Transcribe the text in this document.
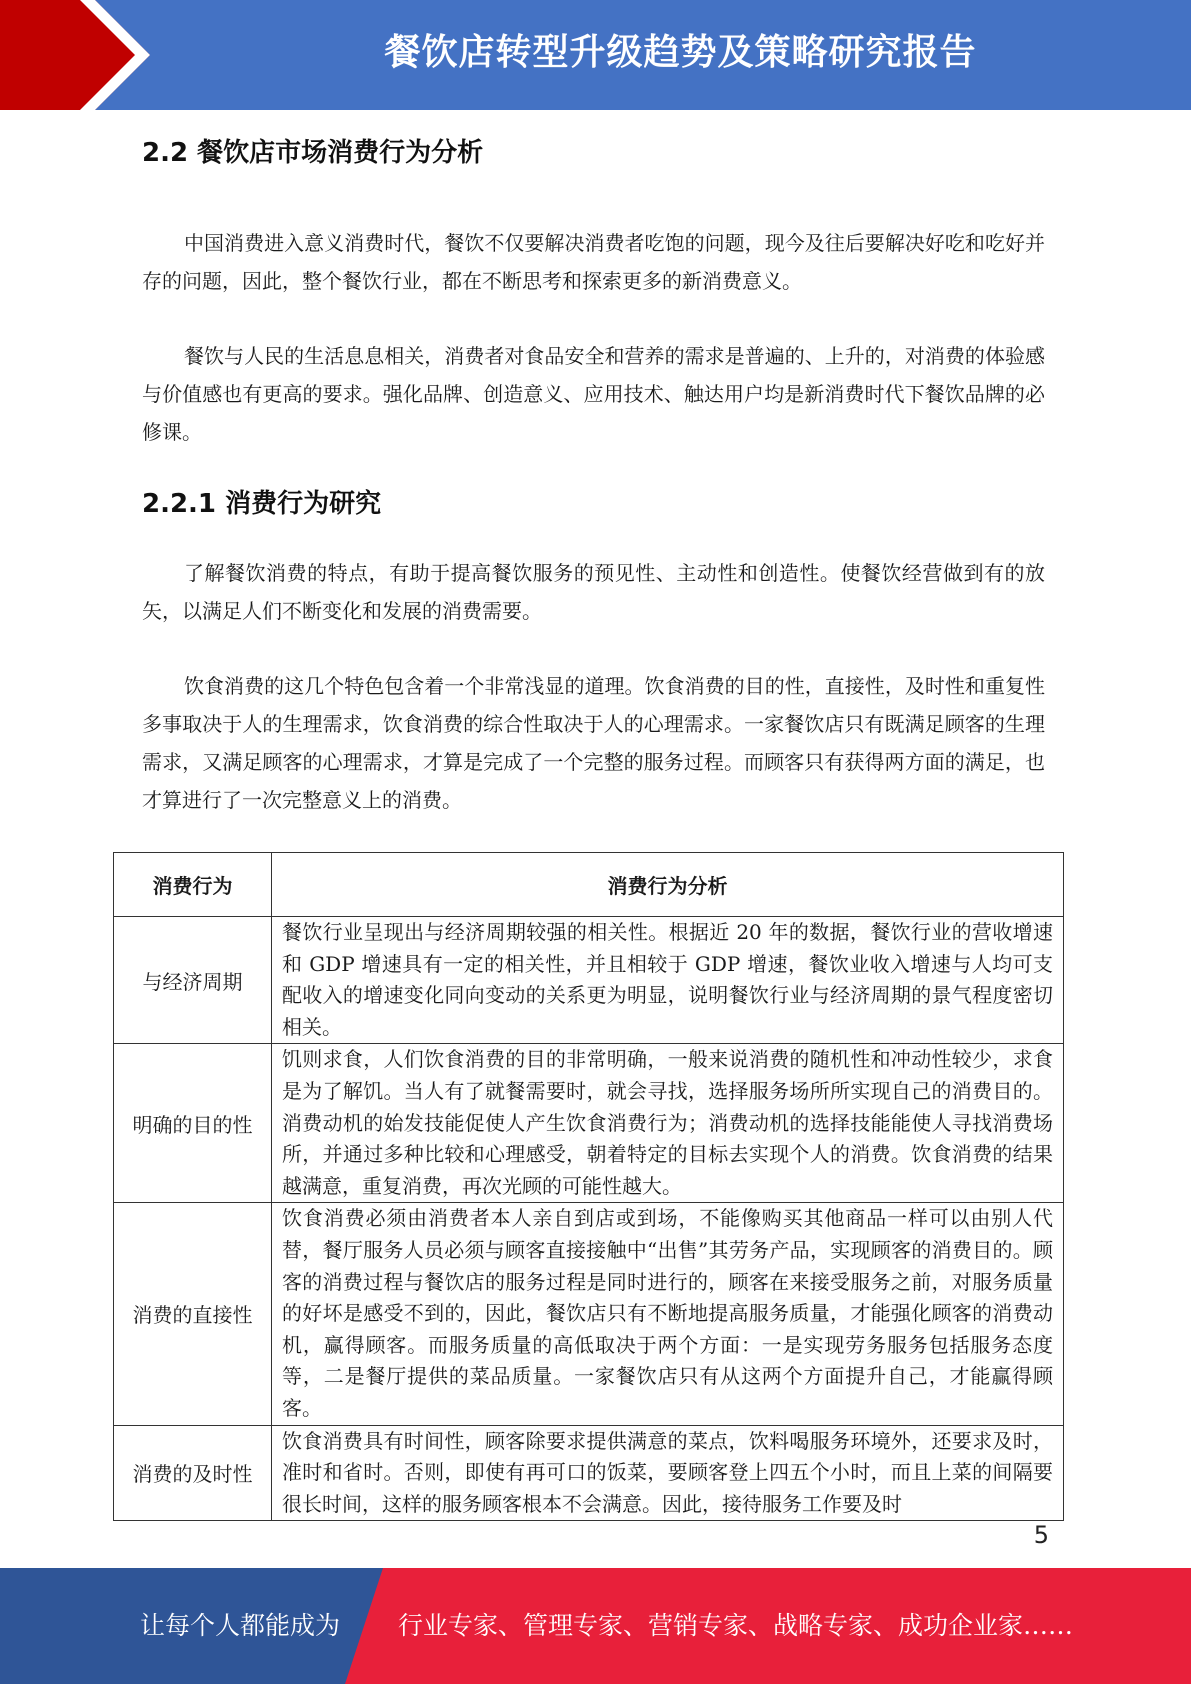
餐饮店转型升级趋势及策略研究报告
2.2 餐饮店市场消费行为分析

中国消费进入意义消费时代，餐饮不仅要解决消费者吃饱的问题，现今及往后要解决好吃和吃好并存的问题，因此，整个餐饮行业，都在不断思考和探索更多的新消费意义。

餐饮与人民的生活息息相关，消费者对食品安全和营养的需求是普遍的、上升的，对消费的体验感与价值感也有更高的要求。强化品牌、创造意义、应用技术、触达用户均是新消费时代下餐饮品牌的必修课。

2.2.1 消费行为研究

了解餐饮消费的特点，有助于提高餐饮服务的预见性、主动性和创造性。使餐饮经营做到有的放矢，以满足人们不断变化和发展的消费需要。

饮食消费的这几个特色包含着一个非常浅显的道理。饮食消费的目的性，直接性，及时性和重复性多事取决于人的生理需求，饮食消费的综合性取决于人的心理需求。一家餐饮店只有既满足顾客的生理需求，又满足顾客的心理需求，才算是完成了一个完整的服务过程。而顾客只有获得两方面的满足，也才算进行了一次完整意义上的消费。

消费行为	消费行为分析
与经济周期	餐饮行业呈现出与经济周期较强的相关性。根据近 20 年的数据，餐饮行业的营收增速和 GDP 增速具有一定的相关性，并且相较于 GDP 增速，餐饮业收入增速与人均可支配收入的增速变化同向变动的关系更为明显，说明餐饮行业与经济周期的景气程度密切相关。
明确的目的性	饥则求食，人们饮食消费的目的非常明确，一般来说消费的随机性和冲动性较少，求食是为了解饥。当人有了就餐需要时，就会寻找，选择服务场所所实现自己的消费目的。消费动机的始发技能促使人产生饮食消费行为；消费动机的选择技能能使人寻找消费场所，并通过多种比较和心理感受，朝着特定的目标去实现个人的消费。饮食消费的结果越满意，重复消费，再次光顾的可能性越大。
消费的直接性	饮食消费必须由消费者本人亲自到店或到场，不能像购买其他商品一样可以由别人代替，餐厅服务人员必须与顾客直接接触中“出售”其劳务产品，实现顾客的消费目的。顾客的消费过程与餐饮店的服务过程是同时进行的，顾客在来接受服务之前，对服务质量的好坏是感受不到的，因此，餐饮店只有不断地提高服务质量，才能强化顾客的消费动机，赢得顾客。而服务质量的高低取决于两个方面：一是实现劳务服务包括服务态度等，二是餐厅提供的菜品质量。一家餐饮店只有从这两个方面提升自己，才能赢得顾客。
消费的及时性	饮食消费具有时间性，顾客除要求提供满意的菜点，饮料喝服务环境外，还要求及时，准时和省时。否则，即使有再可口的饭菜，要顾客登上四五个小时，而且上菜的间隔要很长时间，这样的服务顾客根本不会满意。因此，接待服务工作要及时
5
让每个人都能成为 行业专家、管理专家、营销专家、战略专家、成功企业家……
